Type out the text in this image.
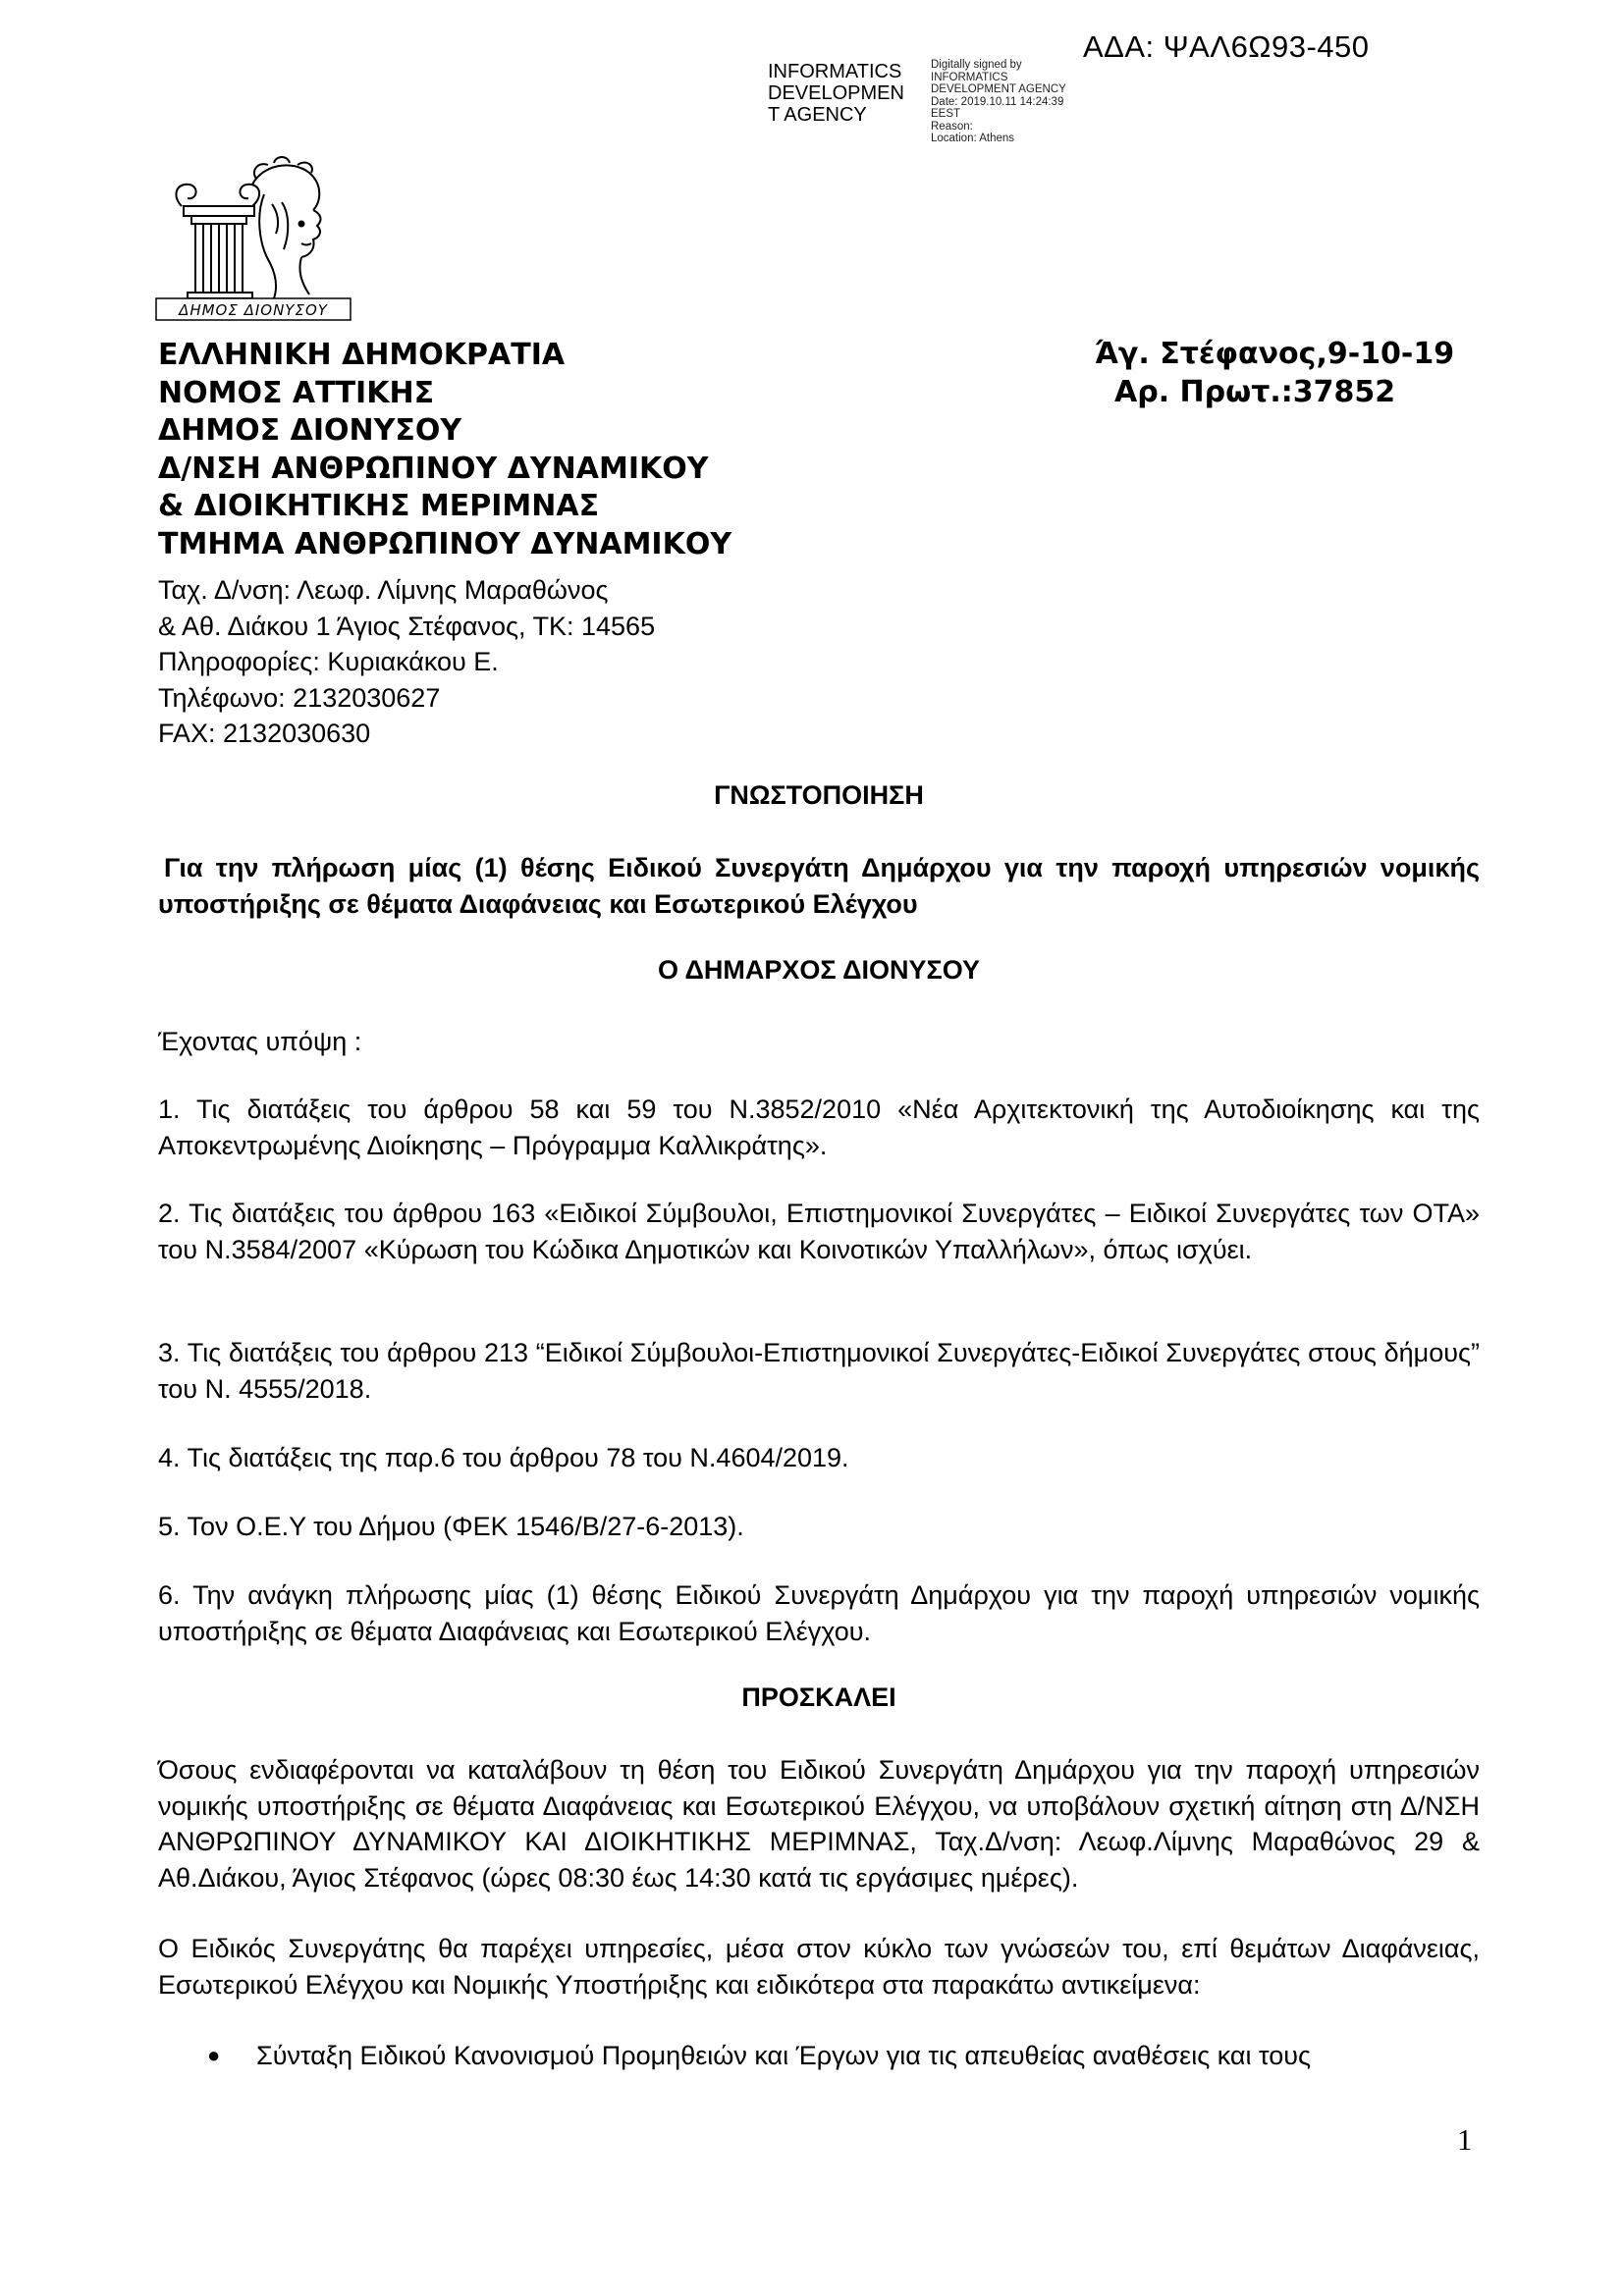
ΑΔΑ: ΨΑΛ6Ω93-450
INFORMATICS
DEVELOPMEN
T AGENCY
Digitally signed by
INFORMATICS
DEVELOPMENT AGENCY
Date: 2019.10.11 14:24:39
EEST
Reason:
Location: Athens
ΔΗΜΟΣ ΔΙΟΝΥΣΟΥ
ΕΛΛΗΝΙΚΗ ΔΗΜΟΚΡΑΤΙΑ
ΝΟΜΟΣ ΑΤΤΙΚΗΣ
ΔΗΜΟΣ ΔΙΟΝΥΣΟΥ
Δ/ΝΣΗ ΑΝΘΡΩΠΙΝΟΥ ΔΥΝΑΜΙΚΟΥ
& ΔΙΟΙΚΗΤΙΚΗΣ ΜΕΡΙΜΝΑΣ
ΤΜΗΜΑ ΑΝΘΡΩΠΙΝΟΥ ΔΥΝΑΜΙΚΟΥ
Άγ. Στέφανος,9-10-19
Αρ. Πρωτ.:37852
Ταχ. Δ/νση: Λεωφ. Λίμνης Μαραθώνος
& Αθ. Διάκου 1 Άγιος Στέφανος, ΤΚ: 14565
Πληροφορίες: Κυριακάκου Ε.
Τηλέφωνο: 2132030627
FAX: 2132030630
ΓΝΩΣΤΟΠΟΙΗΣΗ
Για την πλήρωση μίας (1) θέσης Ειδικού Συνεργάτη Δημάρχου για την παροχή υπηρεσιών νομικής υποστήριξης σε θέματα Διαφάνειας και Εσωτερικού Ελέγχου
Ο ΔΗΜΑΡΧΟΣ ΔΙΟΝΥΣΟΥ
Έχοντας υπόψη :
1. Τις διατάξεις του άρθρου 58 και 59 του Ν.3852/2010 «Νέα Αρχιτεκτονική της Αυτοδιοίκησης και της Αποκεντρωμένης Διοίκησης – Πρόγραμμα Καλλικράτης».
2. Τις διατάξεις του άρθρου 163 «Ειδικοί Σύμβουλοι, Επιστημονικοί Συνεργάτες – Ειδικοί Συνεργάτες των ΟΤΑ» του Ν.3584/2007 «Κύρωση του Κώδικα Δημοτικών και Κοινοτικών Υπαλλήλων», όπως ισχύει.
3. Τις διατάξεις του άρθρου 213 “Ειδικοί Σύμβουλοι-Επιστημονικοί Συνεργάτες-Ειδικοί Συνεργάτες στους δήμους” του Ν. 4555/2018.
4. Τις διατάξεις της παρ.6 του άρθρου 78 του Ν.4604/2019.
5. Τον Ο.Ε.Υ του Δήμου (ΦΕΚ 1546/Β/27-6-2013).
6. Την ανάγκη πλήρωσης μίας (1) θέσης Ειδικού Συνεργάτη Δημάρχου για την παροχή υπηρεσιών νομικής υποστήριξης σε θέματα Διαφάνειας και Εσωτερικού Ελέγχου.
ΠΡΟΣΚΑΛΕΙ
Όσους ενδιαφέρονται να καταλάβουν τη θέση του Ειδικού Συνεργάτη Δημάρχου για την παροχή υπηρεσιών νομικής υποστήριξης σε θέματα Διαφάνειας και Εσωτερικού Ελέγχου, να υποβάλουν σχετική αίτηση στη Δ/ΝΣΗ ΑΝΘΡΩΠΙΝΟΥ ΔΥΝΑΜΙΚΟΥ ΚΑΙ ΔΙΟΙΚΗΤΙΚΗΣ ΜΕΡΙΜΝΑΣ, Ταχ.Δ/νση: Λεωφ.Λίμνης Μαραθώνος 29 & Αθ.Διάκου, Άγιος Στέφανος (ώρες 08:30 έως 14:30 κατά τις εργάσιμες ημέρες).
Ο Ειδικός Συνεργάτης θα παρέχει υπηρεσίες, μέσα στον κύκλο των γνώσεών του, επί θεμάτων Διαφάνειας, Εσωτερικού Ελέγχου και Νομικής Υποστήριξης και ειδικότερα στα παρακάτω αντικείμενα:
● Σύνταξη Ειδικού Κανονισμού Προμηθειών και Έργων για τις απευθείας αναθέσεις και τους
1
